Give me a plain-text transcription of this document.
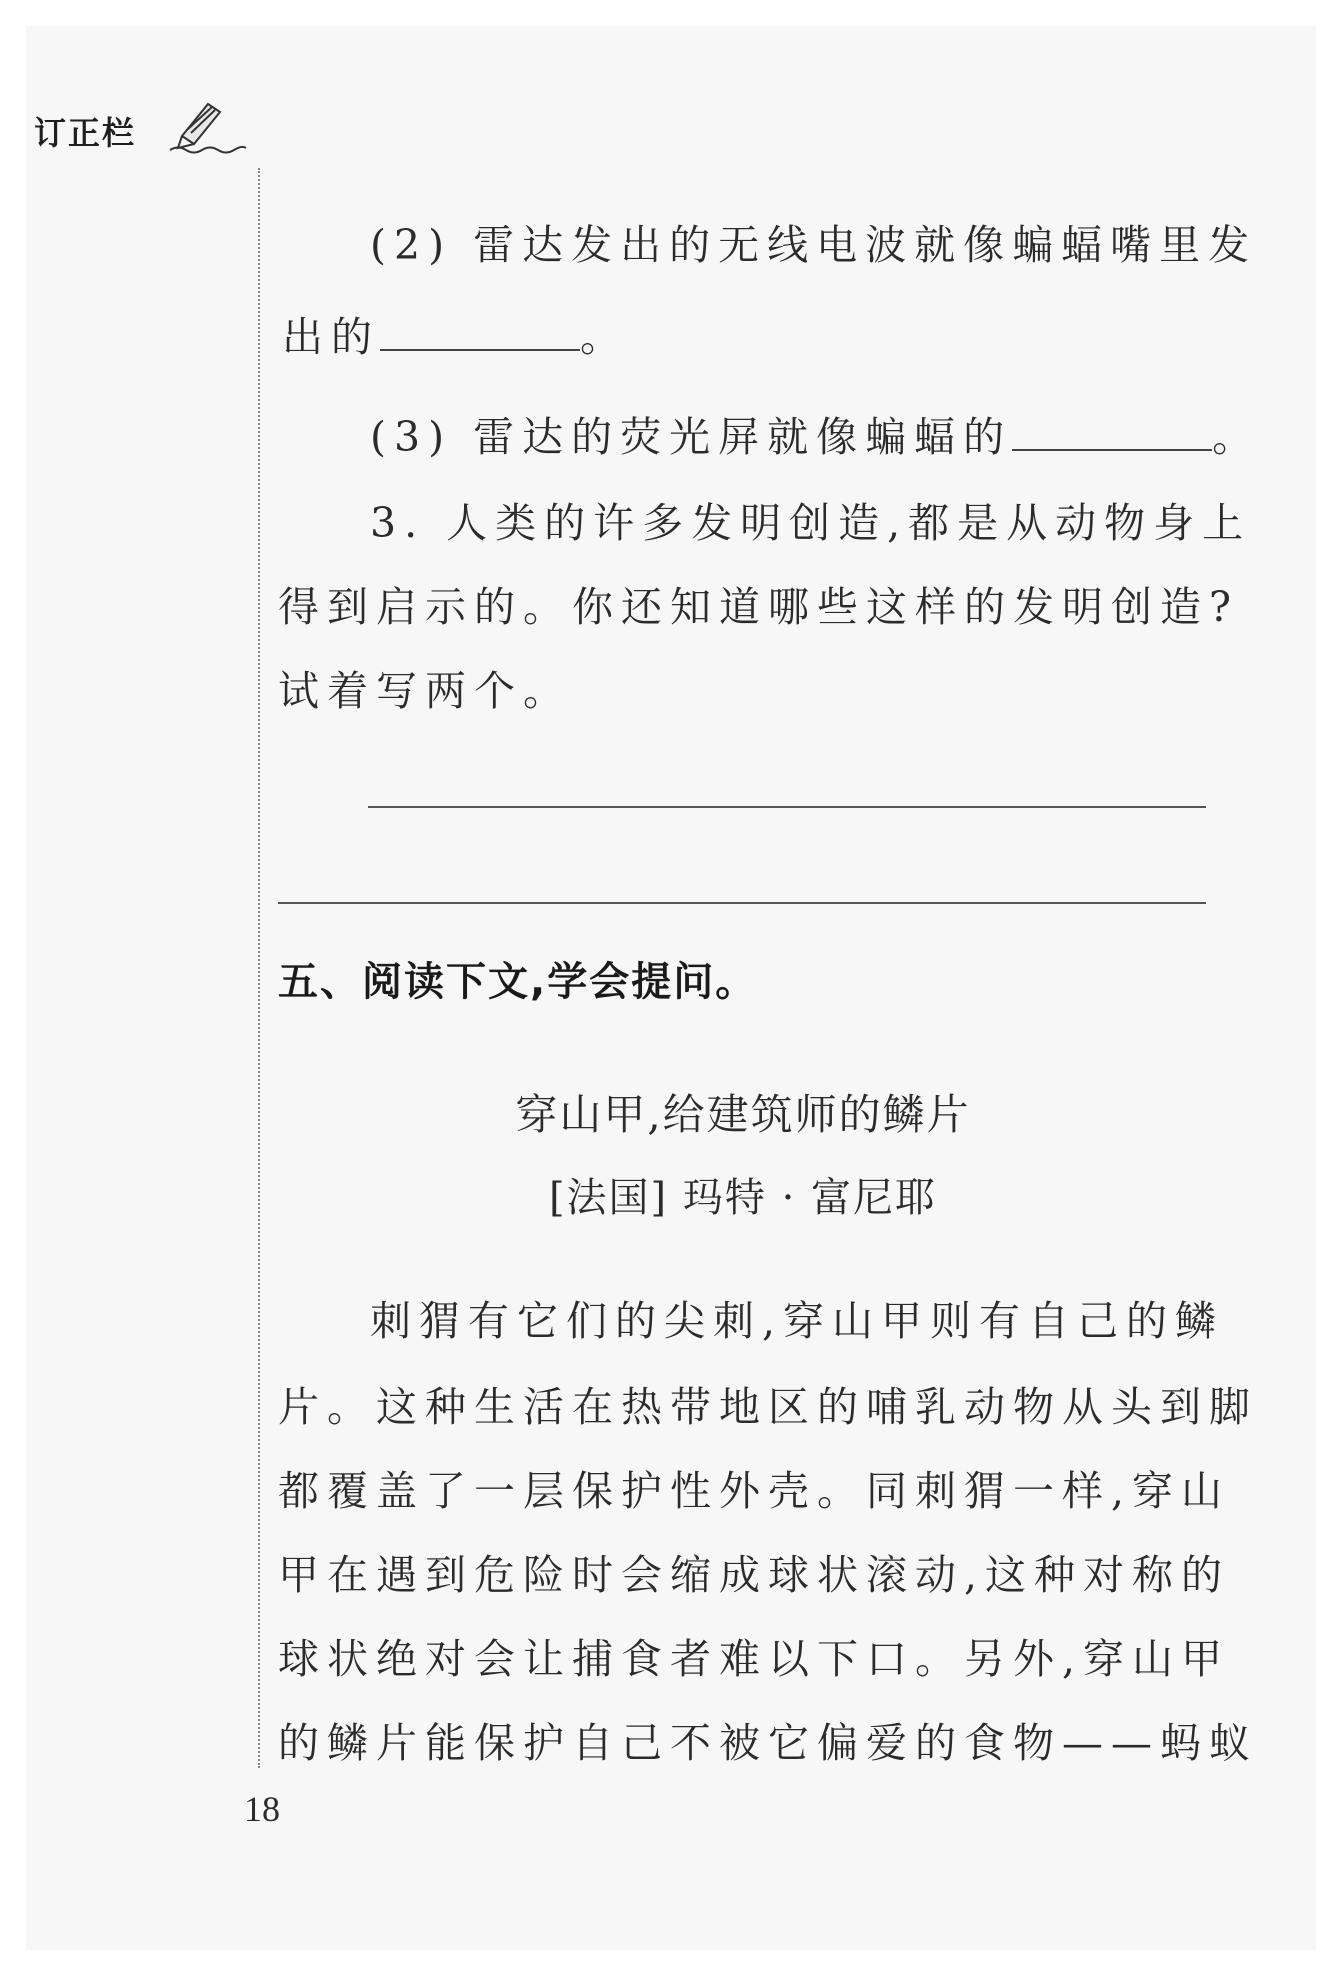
订正栏
(2) 雷达发出的无线电波就像蝙蝠嘴里发
出的	。
(3) 雷达的荧光屏就像蝙蝠的	。
3. 人类的许多发明创造,都是从动物身上
得到启示的。你还知道哪些这样的发明创造?
试着写两个。
五、阅读下文,学会提问。
穿山甲,给建筑师的鳞片
[法国] 玛特 · 富尼耶
刺猬有它们的尖刺,穿山甲则有自己的鳞
片。这种生活在热带地区的哺乳动物从头到脚
都覆盖了一层保护性外壳。同刺猬一样,穿山
甲在遇到危险时会缩成球状滚动,这种对称的
球状绝对会让捕食者难以下口。另外,穿山甲
的鳞片能保护自己不被它偏爱的食物——蚂蚁
18
